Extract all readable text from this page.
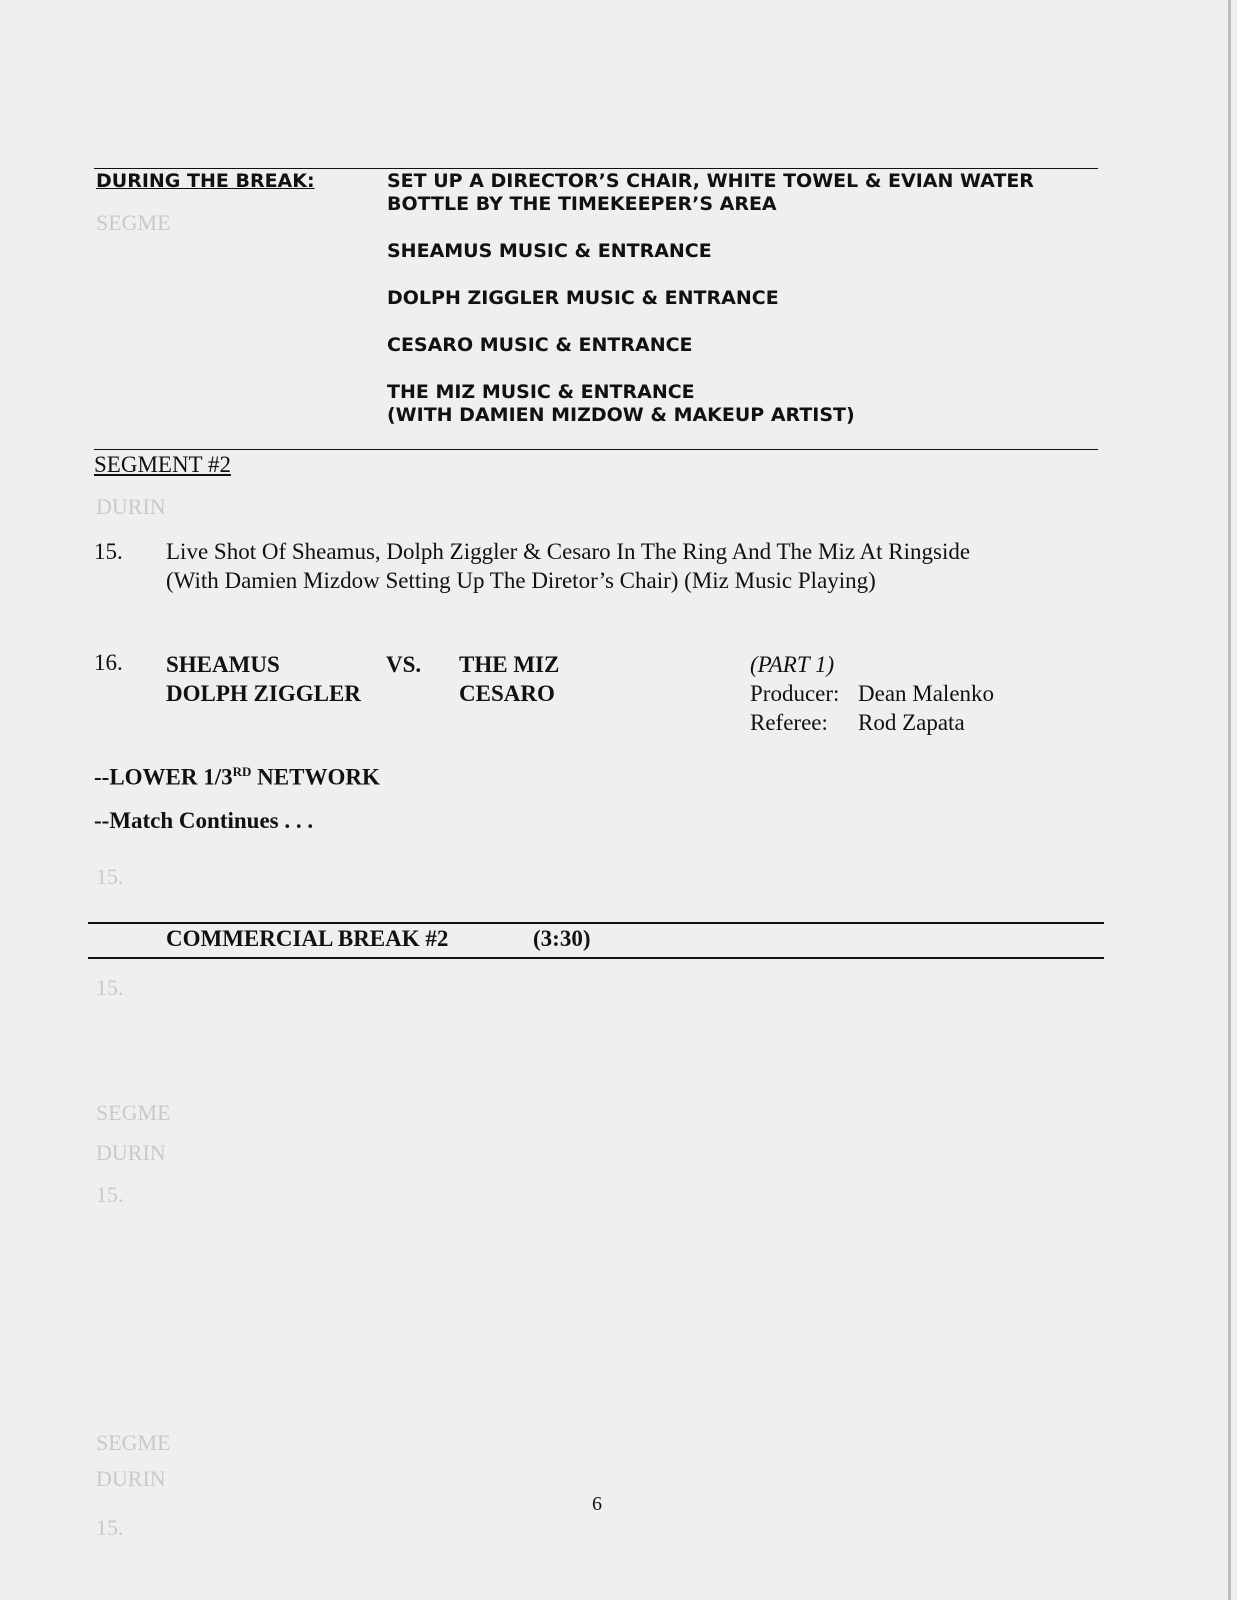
SEGME
SEGME
DURIN
15.
SEGME
DURIN
15.
DURIN
15.
15.
DURING THE BREAK:	SET UP A DIRECTOR’S CHAIR, WHITE TOWEL & EVIAN WATER
BOTTLE BY THE TIMEKEEPER’S AREA
SHEAMUS MUSIC & ENTRANCE
DOLPH ZIGGLER MUSIC & ENTRANCE
CESARO MUSIC & ENTRANCE
THE MIZ MUSIC & ENTRANCE
(WITH DAMIEN MIZDOW & MAKEUP ARTIST)
SEGMENT #2
15. Live Shot Of Sheamus, Dolph Ziggler & Cesaro In The Ring And The Miz At Ringside
(With Damien Mizdow Setting Up The Diretor’s Chair) (Miz Music Playing)
16. SHEAMUS
DOLPH ZIGGLER
VS. THE MIZ
CESARO
(PART 1)
Producer: Dean Malenko
Referee: Rod Zapata
--LOWER 1/3RD NETWORK
--Match Continues . . .
COMMERCIAL BREAK #2	(3:30)
6
